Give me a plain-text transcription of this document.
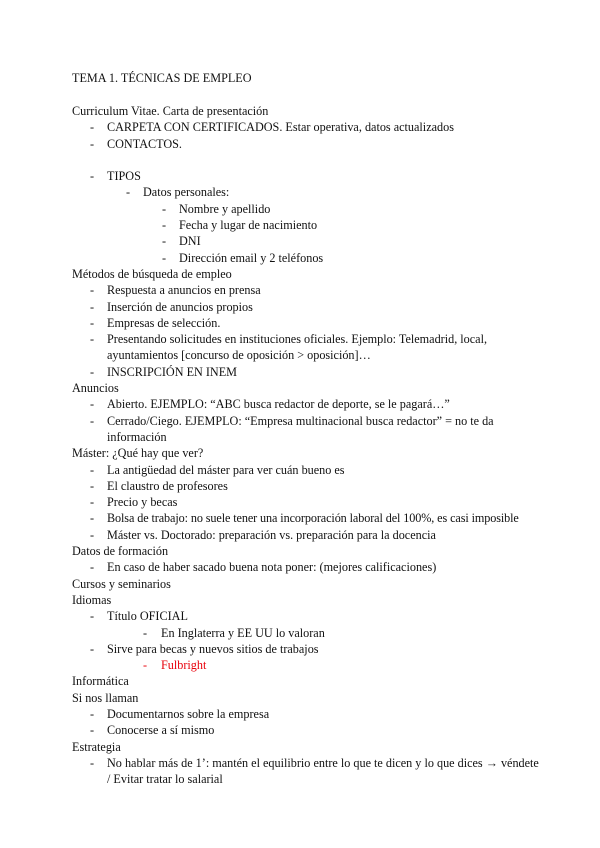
TEMA 1. TÉCNICAS DE EMPLEO
Curriculum Vitae. Carta de presentación
-	CARPETA CON CERTIFICADOS. Estar operativa, datos actualizados
-	CONTACTOS.
-	TIPOS
-	Datos personales:
-	Nombre y apellido
-	Fecha y lugar de nacimiento
-	DNI
-	Dirección email y 2 teléfonos
Métodos de búsqueda de empleo
-	Respuesta a anuncios en prensa
-	Inserción de anuncios propios
-	Empresas de selección.
-	Presentando solicitudes en instituciones oficiales. Ejemplo: Telemadrid, local, ayuntamientos [concurso de oposición > oposición]…
-	INSCRIPCIÓN EN INEM
Anuncios
-	Abierto. EJEMPLO: “ABC busca redactor de deporte, se le pagará…”
-	Cerrado/Ciego. EJEMPLO: “Empresa multinacional busca redactor” = no te da información
Máster: ¿Qué hay que ver?
-	La antigüedad del máster para ver cuán bueno es
-	El claustro de profesores
-	Precio y becas
-	Bolsa de trabajo: no suele tener una incorporación laboral del 100%, es casi imposible
-	Máster vs. Doctorado: preparación vs. preparación para la docencia
Datos de formación
-	En caso de haber sacado buena nota poner: (mejores calificaciones)
Cursos y seminarios
Idiomas
-	Título OFICIAL
-	En Inglaterra y EE UU lo valoran
-	Sirve para becas y nuevos sitios de trabajos
-	Fulbright
Informática
Si nos llaman
-	Documentarnos sobre la empresa
-	Conocerse a sí mismo
Estrategia
-	No hablar más de 1’: mantén el equilibrio entre lo que te dicen y lo que dices → véndete / Evitar tratar lo salarial
